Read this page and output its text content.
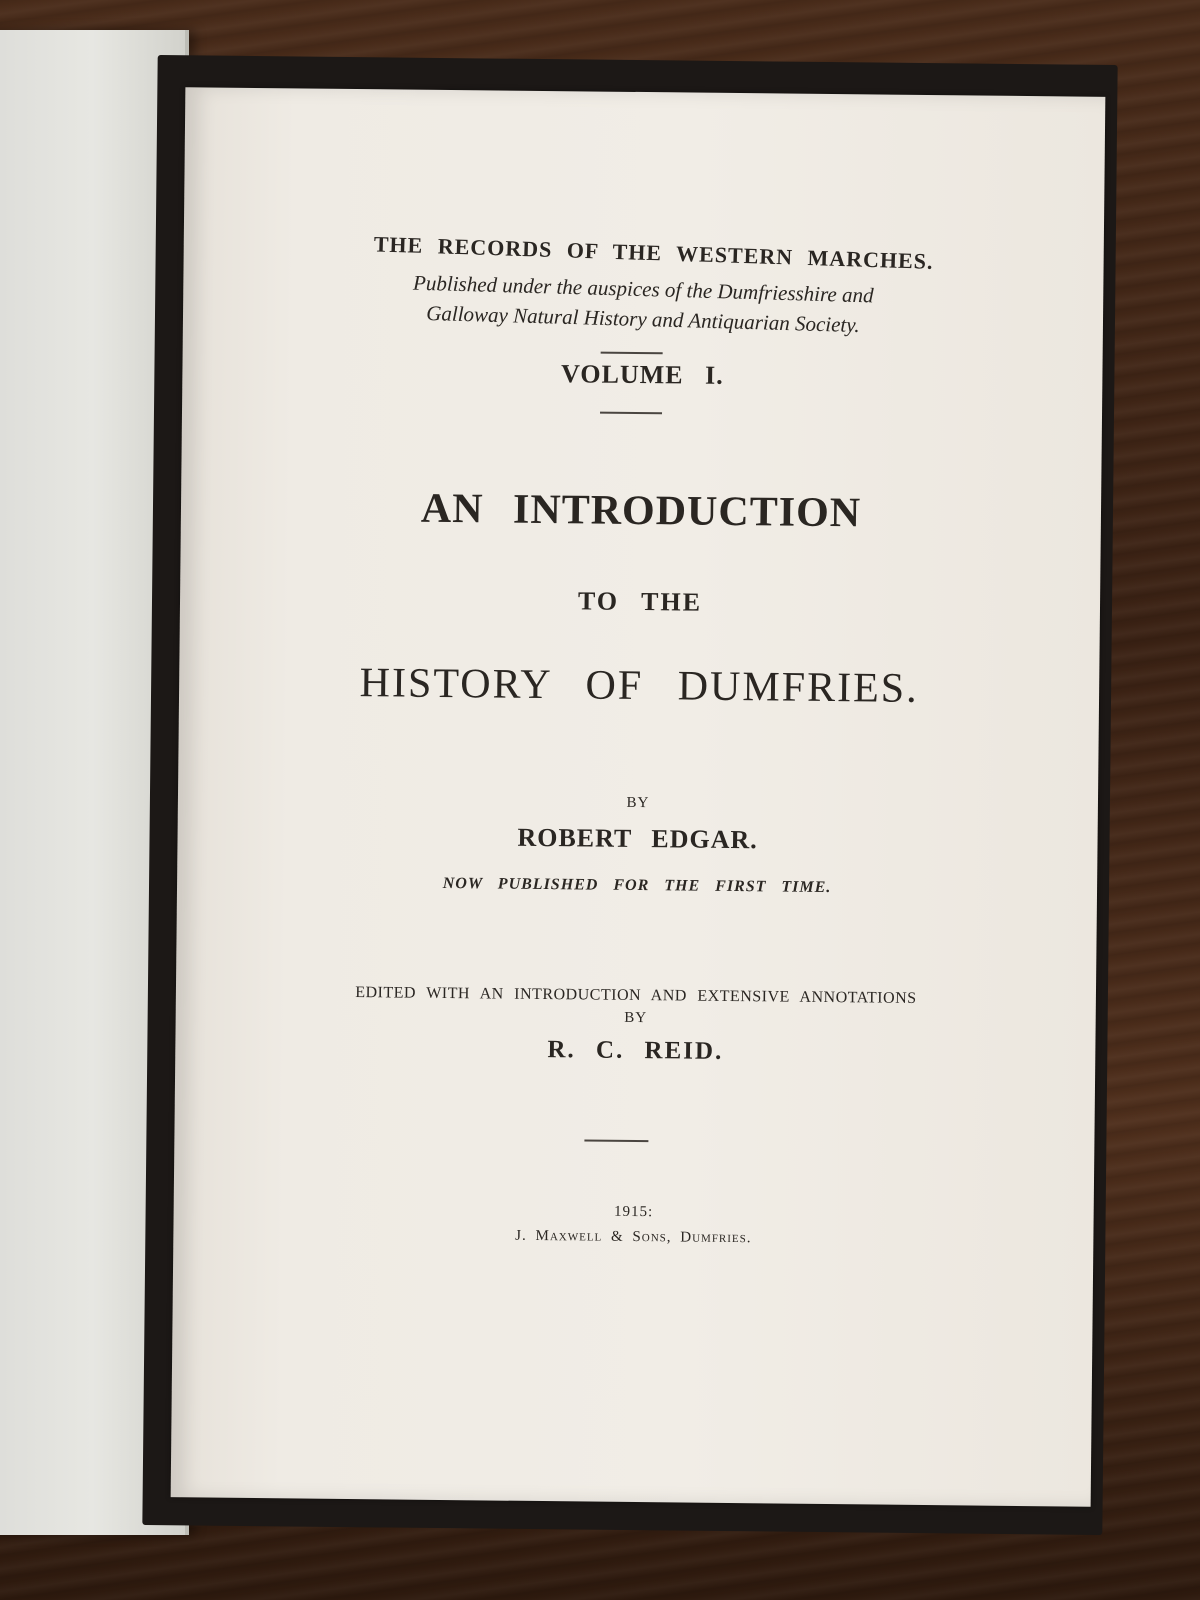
THE RECORDS OF THE WESTERN MARCHES.
Published under the auspices of the Dumfriesshire and
Galloway Natural History and Antiquarian Society.
VOLUME I.
AN INTRODUCTION
TO THE
HISTORY OF DUMFRIES.
BY
ROBERT EDGAR.
NOW PUBLISHED FOR THE FIRST TIME.
EDITED WITH AN INTRODUCTION AND EXTENSIVE ANNOTATIONS
BY
R. C. REID.
1915:
J. Maxwell & Sons, Dumfries.
